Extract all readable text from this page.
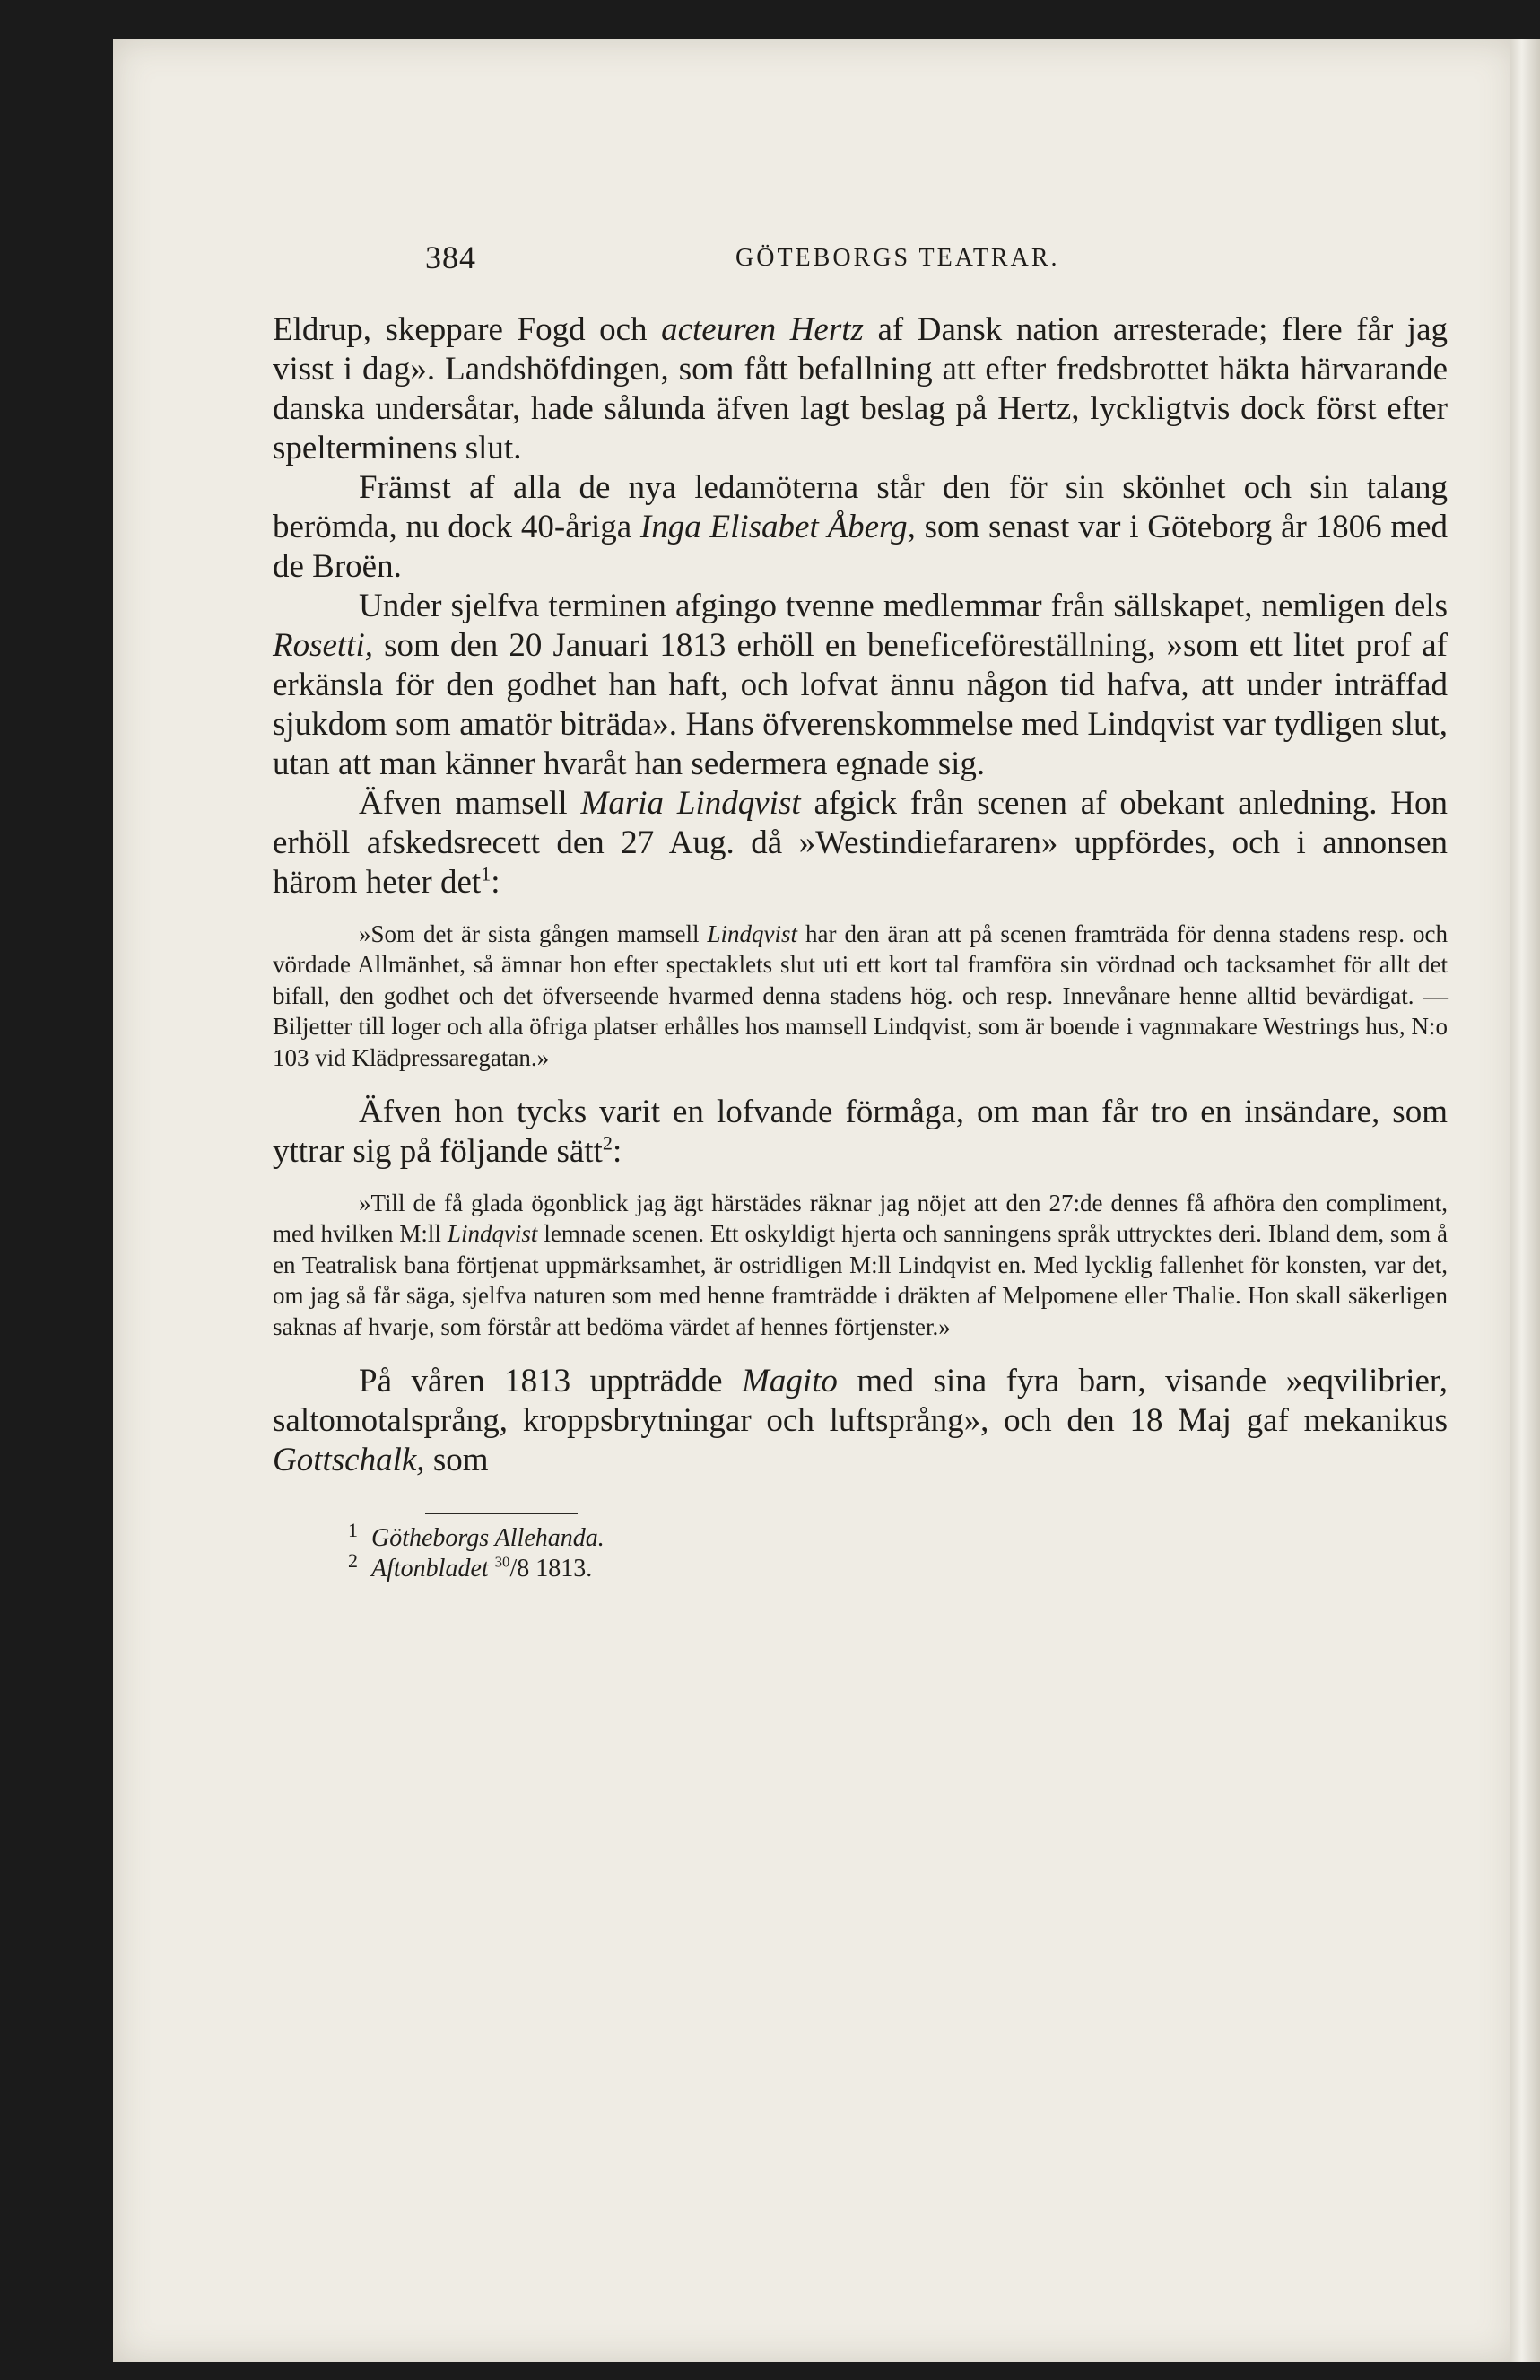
384	GÖTEBORGS TEATRAR.

Eldrup, skeppare Fogd och acteuren Hertz af Dansk nation arresterade; flere får jag visst i dag». Landshöfdingen, som fått befallning att efter fredsbrottet häkta härvarande danska undersåtar, hade sålunda äfven lagt beslag på Hertz, lyckligtvis dock först efter spelterminens slut.

Främst af alla de nya ledamöterna står den för sin skönhet och sin talang berömda, nu dock 40-åriga Inga Elisabet Åberg, som senast var i Göteborg år 1806 med de Broën.

Under sjelfva terminen afgingo tvenne medlemmar från sällskapet, nemligen dels Rosetti, som den 20 Januari 1813 erhöll en beneficeföreställning, »som ett litet prof af erkänsla för den godhet han haft, och lofvat ännu någon tid hafva, att under inträffad sjukdom som amatör biträda». Hans öfverenskommelse med Lindqvist var tydligen slut, utan att man känner hvaråt han sedermera egnade sig.

Äfven mamsell Maria Lindqvist afgick från scenen af obekant anledning. Hon erhöll afskedsrecett den 27 Aug. då »Westindiefararen» uppfördes, och i annonsen härom heter $\det^1$:

»Som det är sista gången mamsell Lindqvist har den äran att på scenen framträda för denna stadens resp. och vördade Allmänhet, så ämnar hon efter spectaklets slut uti ett kort tal framföra sin vördnad och tacksamhet för allt det bifall, den godhet och det öfverseende hvarmed denna stadens hög. och resp. Innevånare henne alltid bevärdigat. — Biljetter till loger och alla öfriga platser erhålles hos mamsell Lindqvist, som är boende i vagnmakare Westrings hus, N:o 103 vid Klädpressaregatan.»

Äfven hon tycks varit en lofvande förmåga, om man får tro en insändare, som yttrar sig på följande sätt$^2$:

»Till de få glada ögonblick jag ägt härstädes räknar jag nöjet att den 27:de dennes få afhöra den compliment, med hvilken M:ll Lindqvist lemnade scenen. Ett oskyldigt hjerta och sanningens språk uttrycktes deri. Ibland dem, som å en Teatralisk bana förtjenat uppmärksamhet, är ostridligen M:ll Lindqvist en. Med lycklig fallenhet för konsten, var det, om jag så får säga, sjelfva naturen som med henne framträdde i dräkten af Melpomene eller Thalie. Hon skall säkerligen saknas af hvarje, som förstår att bedöma värdet af hennes förtjenster.»

På våren 1813 uppträdde Magito med sina fyra barn, visande »eqvilibrier, saltomotalsprång, kroppsbrytningar och luftsprång», och den 18 Maj gaf mekanikus Gottschalk, som

1 Götheborgs Allehanda.

2 Aftonbladet $^{30}$/8 1813.
